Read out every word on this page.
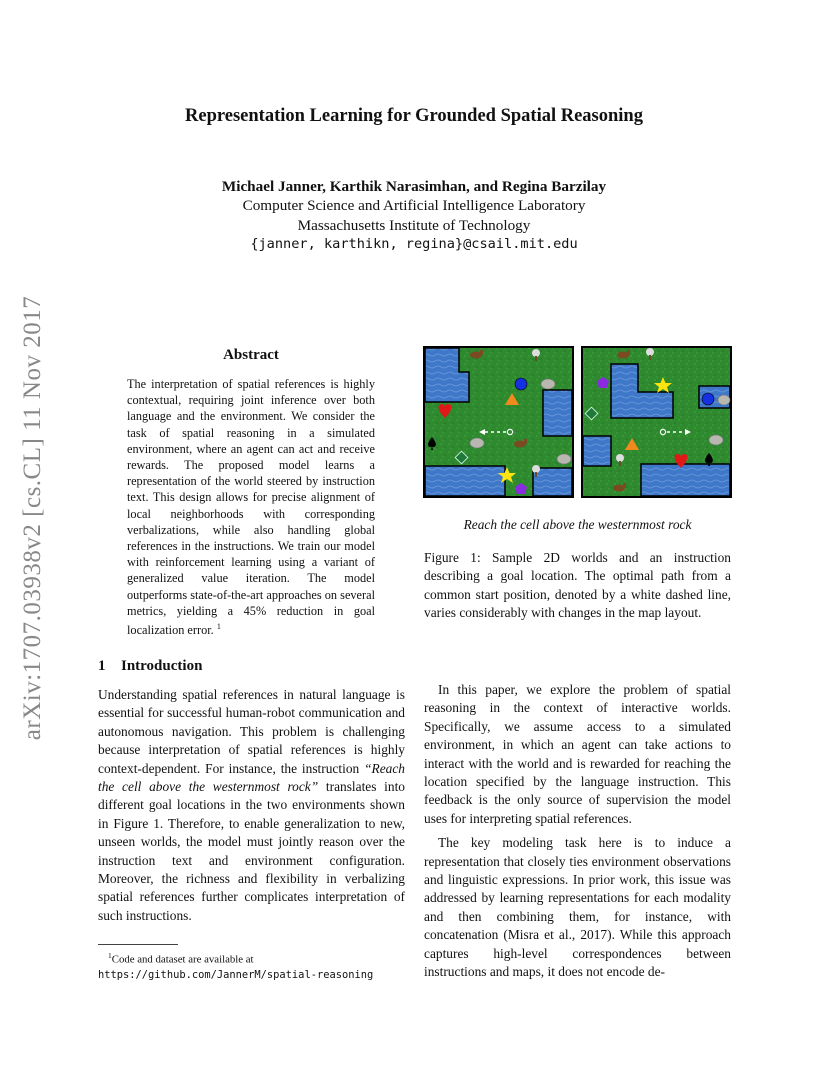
Representation Learning for Grounded Spatial Reasoning
Michael Janner, Karthik Narasimhan, and Regina Barzilay
Computer Science and Artificial Intelligence Laboratory
Massachusetts Institute of Technology
{janner, karthikn, regina}@csail.mit.edu
arXiv:1707.03938v2 [cs.CL] 11 Nov 2017	Abstract
The interpretation of spatial references is highly contextual, requiring joint inference over both language and the environment. We consider the task of spatial reasoning in a simulated environment, where an agent can act and receive rewards. The proposed model learns a representation of the world steered by instruction text. This design allows for precise alignment of local neighborhoods with corresponding verbalizations, while also handling global references in the instructions. We train our model with reinforcement learning using a variant of generalized value iteration. The model outperforms state-of-the-art approaches on several metrics, yielding a 45% reduction in goal localization error. $^1$
Reach the cell above the westernmost rock
Figure 1: Sample 2D worlds and an instruction describing a goal location. The optimal path from a common start position, denoted by a white dashed line, varies considerably with changes in the map layout.
1 Introduction

Understanding spatial references in natural language is essential for successful human-robot communication and autonomous navigation. This problem is challenging because interpretation of spatial references is highly context-dependent. For instance, the instruction “Reach the cell above the westernmost rock” translates into different goal locations in the two environments shown in Figure 1. Therefore, to enable generalization to new, unseen worlds, the model must jointly reason over the instruction text and environment configuration. Moreover, the richness and flexibility in verbalizing spatial references further complicates interpretation of such instructions.

$^1$Code and dataset are available at https://github.com/JannerM/spatial-reasoning

In this paper, we explore the problem of spatial reasoning in the context of interactive worlds. Specifically, we assume access to a simulated environment, in which an agent can take actions to interact with the world and is rewarded for reaching the location specified by the language instruction. This feedback is the only source of supervision the model uses for interpreting spatial references.

The key modeling task here is to induce a representation that closely ties environment observations and linguistic expressions. In prior work, this issue was addressed by learning representations for each modality and then combining them, for instance, with concatenation (Misra et al., 2017). While this approach captures high-level correspondences between instructions and maps, it does not encode de-
